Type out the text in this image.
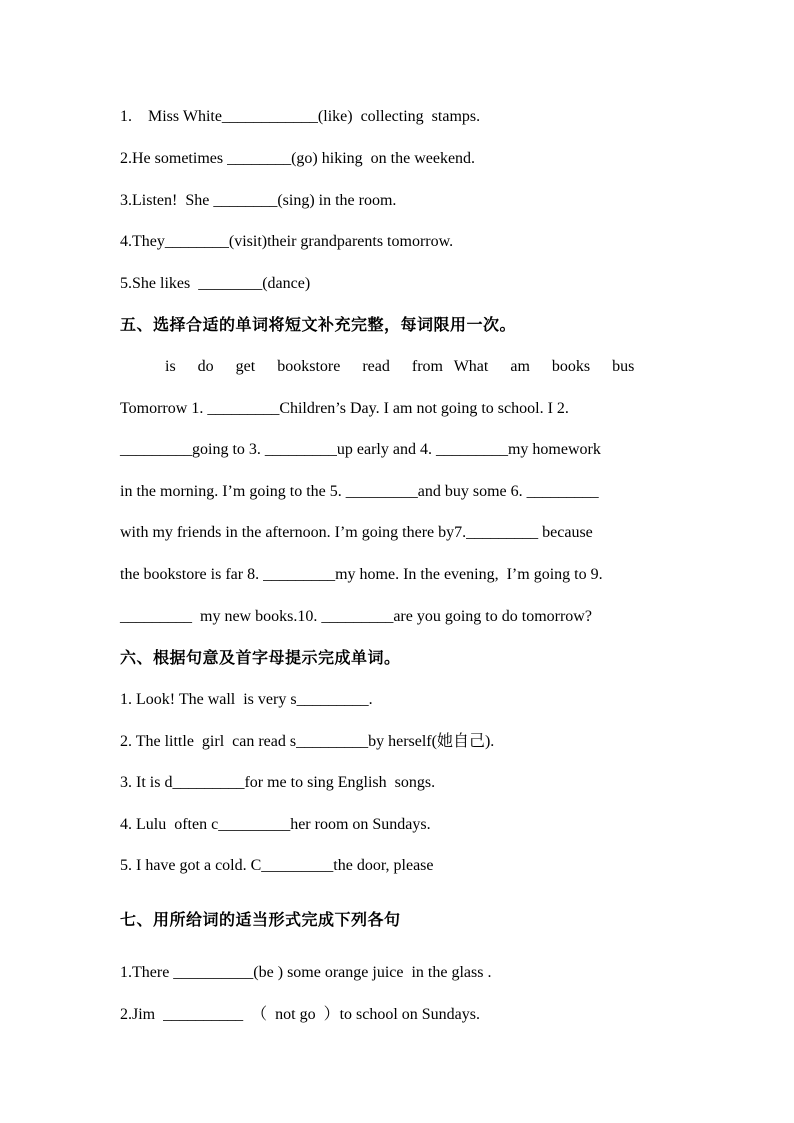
1.    Miss White____________(like)  collecting  stamps.
2.He sometimes ________(go) hiking  on the weekend.
3.Listen!  She ________(sing) in the room.
4.They________(visit)their grandparents tomorrow.
5.She likes  ________(dance)
五、选择合适的单词将短文补充完整，每词限用一次。
is do get bookstore read from What am books bus
Tomorrow 1. _________Children’s Day. I am not going to school. I 2.
_________going to 3. _________up early and 4. _________my homework
in the morning. I’m going to the 5. _________and buy some 6. _________
with my friends in the afternoon. I’m going there by7._________ because
the bookstore is far 8. _________my home. In the evening,  I’m going to 9.
_________  my new books.10. _________are you going to do tomorrow?
六、根据句意及首字母提示完成单词。
1. Look! The wall  is very s_________.
2. The little  girl  can read s_________by herself(她自己).
3. It is d_________for me to sing English  songs.
4. Lulu  often c_________her room on Sundays.
5. I have got a cold. C_________the door, please
七、用所给词的适当形式完成下列各句
1.There __________(be ) some orange juice  in the glass .
2.Jim  __________  （  not go  ）to school on Sundays.
